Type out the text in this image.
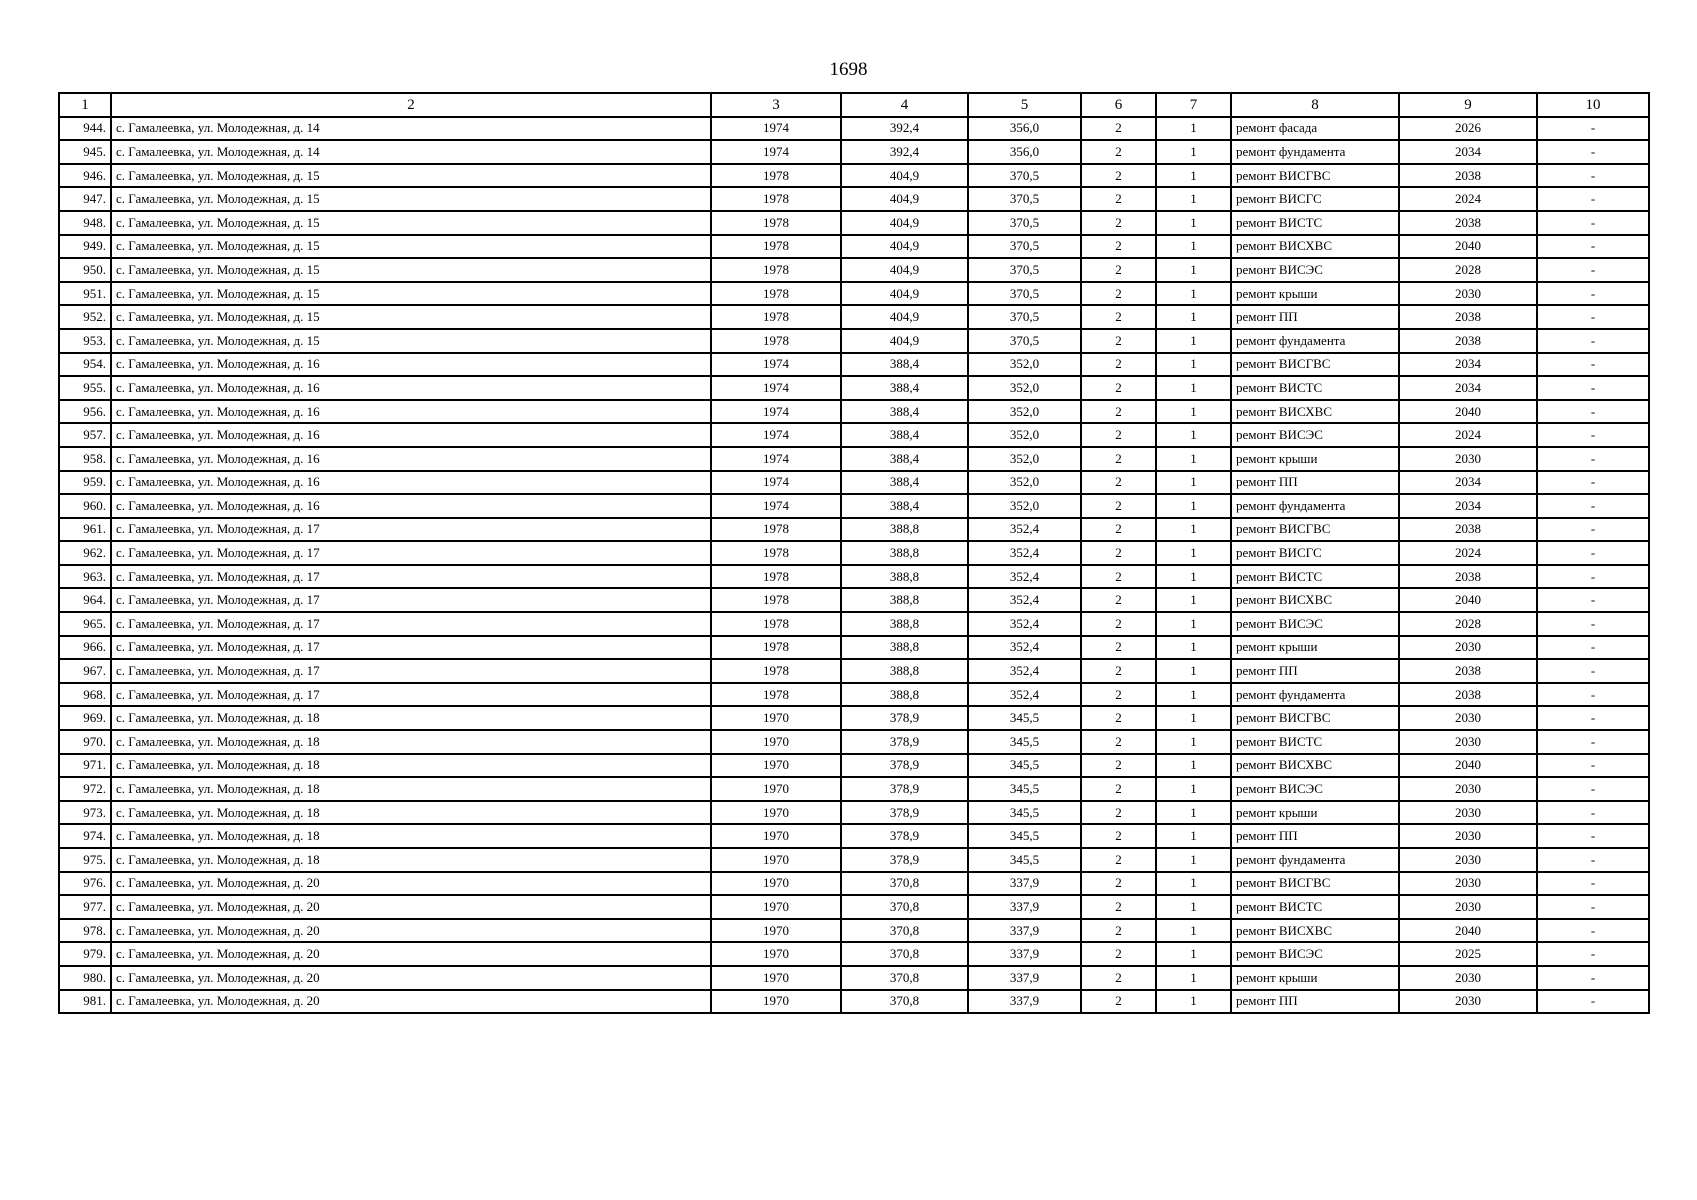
1698
1	2	3	4	5	6	7	8	9	10
944.	с. Гамалеевка, ул. Молодежная, д. 14	1974	392,4	356,0	2	1	ремонт фасада	2026	-
945.	с. Гамалеевка, ул. Молодежная, д. 14	1974	392,4	356,0	2	1	ремонт фундамента	2034	-
946.	с. Гамалеевка, ул. Молодежная, д. 15	1978	404,9	370,5	2	1	ремонт ВИСГВС	2038	-
947.	с. Гамалеевка, ул. Молодежная, д. 15	1978	404,9	370,5	2	1	ремонт ВИСГС	2024	-
948.	с. Гамалеевка, ул. Молодежная, д. 15	1978	404,9	370,5	2	1	ремонт ВИСТС	2038	-
949.	с. Гамалеевка, ул. Молодежная, д. 15	1978	404,9	370,5	2	1	ремонт ВИСХВС	2040	-
950.	с. Гамалеевка, ул. Молодежная, д. 15	1978	404,9	370,5	2	1	ремонт ВИСЭС	2028	-
951.	с. Гамалеевка, ул. Молодежная, д. 15	1978	404,9	370,5	2	1	ремонт крыши	2030	-
952.	с. Гамалеевка, ул. Молодежная, д. 15	1978	404,9	370,5	2	1	ремонт ПП	2038	-
953.	с. Гамалеевка, ул. Молодежная, д. 15	1978	404,9	370,5	2	1	ремонт фундамента	2038	-
954.	с. Гамалеевка, ул. Молодежная, д. 16	1974	388,4	352,0	2	1	ремонт ВИСГВС	2034	-
955.	с. Гамалеевка, ул. Молодежная, д. 16	1974	388,4	352,0	2	1	ремонт ВИСТС	2034	-
956.	с. Гамалеевка, ул. Молодежная, д. 16	1974	388,4	352,0	2	1	ремонт ВИСХВС	2040	-
957.	с. Гамалеевка, ул. Молодежная, д. 16	1974	388,4	352,0	2	1	ремонт ВИСЭС	2024	-
958.	с. Гамалеевка, ул. Молодежная, д. 16	1974	388,4	352,0	2	1	ремонт крыши	2030	-
959.	с. Гамалеевка, ул. Молодежная, д. 16	1974	388,4	352,0	2	1	ремонт ПП	2034	-
960.	с. Гамалеевка, ул. Молодежная, д. 16	1974	388,4	352,0	2	1	ремонт фундамента	2034	-
961.	с. Гамалеевка, ул. Молодежная, д. 17	1978	388,8	352,4	2	1	ремонт ВИСГВС	2038	-
962.	с. Гамалеевка, ул. Молодежная, д. 17	1978	388,8	352,4	2	1	ремонт ВИСГС	2024	-
963.	с. Гамалеевка, ул. Молодежная, д. 17	1978	388,8	352,4	2	1	ремонт ВИСТС	2038	-
964.	с. Гамалеевка, ул. Молодежная, д. 17	1978	388,8	352,4	2	1	ремонт ВИСХВС	2040	-
965.	с. Гамалеевка, ул. Молодежная, д. 17	1978	388,8	352,4	2	1	ремонт ВИСЭС	2028	-
966.	с. Гамалеевка, ул. Молодежная, д. 17	1978	388,8	352,4	2	1	ремонт крыши	2030	-
967.	с. Гамалеевка, ул. Молодежная, д. 17	1978	388,8	352,4	2	1	ремонт ПП	2038	-
968.	с. Гамалеевка, ул. Молодежная, д. 17	1978	388,8	352,4	2	1	ремонт фундамента	2038	-
969.	с. Гамалеевка, ул. Молодежная, д. 18	1970	378,9	345,5	2	1	ремонт ВИСГВС	2030	-
970.	с. Гамалеевка, ул. Молодежная, д. 18	1970	378,9	345,5	2	1	ремонт ВИСТС	2030	-
971.	с. Гамалеевка, ул. Молодежная, д. 18	1970	378,9	345,5	2	1	ремонт ВИСХВС	2040	-
972.	с. Гамалеевка, ул. Молодежная, д. 18	1970	378,9	345,5	2	1	ремонт ВИСЭС	2030	-
973.	с. Гамалеевка, ул. Молодежная, д. 18	1970	378,9	345,5	2	1	ремонт крыши	2030	-
974.	с. Гамалеевка, ул. Молодежная, д. 18	1970	378,9	345,5	2	1	ремонт ПП	2030	-
975.	с. Гамалеевка, ул. Молодежная, д. 18	1970	378,9	345,5	2	1	ремонт фундамента	2030	-
976.	с. Гамалеевка, ул. Молодежная, д. 20	1970	370,8	337,9	2	1	ремонт ВИСГВС	2030	-
977.	с. Гамалеевка, ул. Молодежная, д. 20	1970	370,8	337,9	2	1	ремонт ВИСТС	2030	-
978.	с. Гамалеевка, ул. Молодежная, д. 20	1970	370,8	337,9	2	1	ремонт ВИСХВС	2040	-
979.	с. Гамалеевка, ул. Молодежная, д. 20	1970	370,8	337,9	2	1	ремонт ВИСЭС	2025	-
980.	с. Гамалеевка, ул. Молодежная, д. 20	1970	370,8	337,9	2	1	ремонт крыши	2030	-
981.	с. Гамалеевка, ул. Молодежная, д. 20	1970	370,8	337,9	2	1	ремонт ПП	2030	-
